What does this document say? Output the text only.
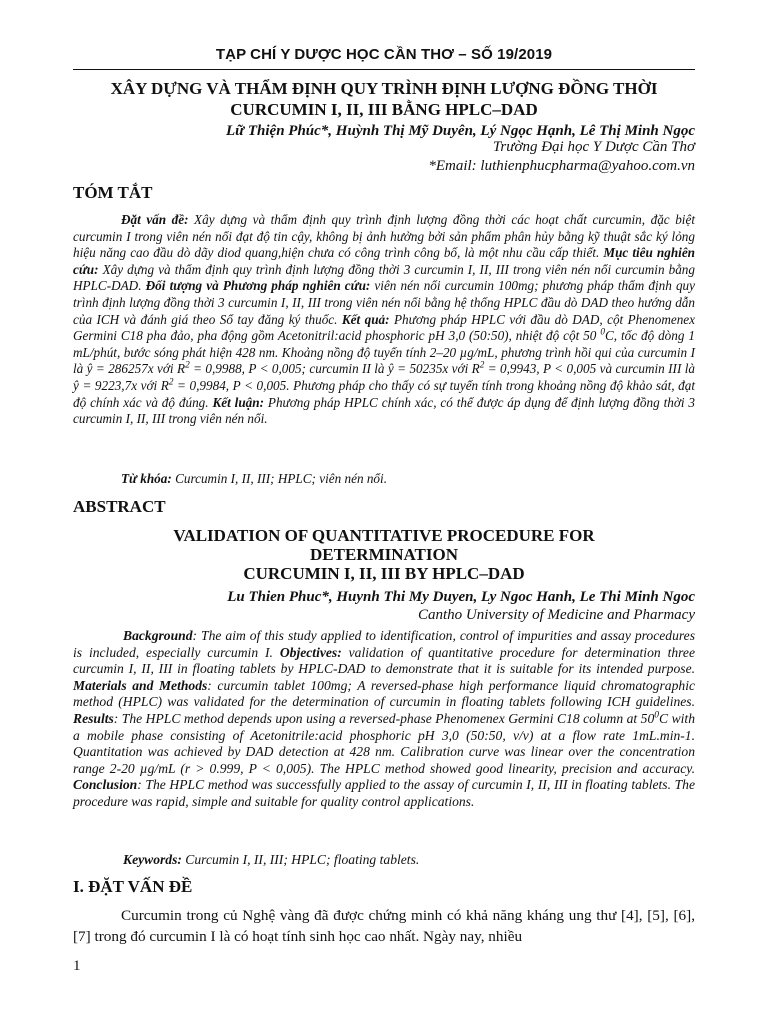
TẠP CHÍ Y DƯỢC HỌC CẦN THƠ – SỐ 19/2019
XÂY DỰNG VÀ THẨM ĐỊNH QUY TRÌNH ĐỊNH LƯỢNG ĐỒNG THỜI
CURCUMIN I, II, III BẰNG HPLC–DAD
Lữ Thiện Phúc*, Huỳnh Thị Mỹ Duyên, Lý Ngọc Hạnh, Lê Thị Minh Ngọc
Trường Đại học Y Dược Cần Thơ
*Email: luthienphucpharma@yahoo.com.vn
TÓM TẮT
Đặt vấn đề: Xây dựng và thẩm định quy trình định lượng đồng thời các hoạt chất curcumin, đặc biệt curcumin I trong viên nén nổi đạt độ tin cậy, không bị ảnh hưởng bởi sản phẩm phân hủy bằng kỹ thuật sắc ký lỏng hiệu năng cao đầu dò dãy diod quang,hiện chưa có công trình công bố, là một nhu cầu cấp thiết. Mục tiêu nghiên cứu: Xây dựng và thẩm định quy trình định lượng đồng thời 3 curcumin I, II, III trong viên nén nổi curcumin bằng HPLC-DAD. Đối tượng và Phương pháp nghiên cứu: viên nén nổi curcumin 100mg; phương pháp thẩm định quy trình định lượng đồng thời 3 curcumin I, II, III trong viên nén nổi bằng hệ thống HPLC đầu dò DAD theo hướng dẫn của ICH và đánh giá theo Sổ tay đăng ký thuốc. Kết quả: Phương pháp HPLC với đầu dò DAD, cột Phenomenex Germini C18 pha đảo, pha động gồm Acetonitril:acid phosphoric pH 3,0 (50:50), nhiệt độ cột 50 $^0$C, tốc độ dòng 1 mL/phút, bước sóng phát hiện 428 nm. Khoảng nồng độ tuyến tính 2–20 µg/mL, phương trình hồi qui của curcumin I là ŷ = 286257x với $R^2 = 0,9988$, P < 0,005; curcumin II là ŷ = 50235x với $R^2 = 0,9943$, P < 0,005 và curcumin III là ŷ = 9223,7x với $R^2 = 0,9984$, P < 0,005. Phương pháp cho thấy có sự tuyến tính trong khoảng nồng độ khảo sát, đạt độ chính xác và độ đúng. Kết luận: Phương pháp HPLC chính xác, có thể được áp dụng để định lượng đồng thời 3 curcumin I, II, III trong viên nén nổi.
Từ khóa: Curcumin I, II, III; HPLC; viên nén nổi.
ABSTRACT
VALIDATION OF QUANTITATIVE PROCEDURE FOR
DETERMINATION
CURCUMIN I, II, III BY HPLC–DAD
Lu Thien Phuc*, Huynh Thi My Duyen, Ly Ngoc Hanh, Le Thi Minh Ngoc
Cantho University of Medicine and Pharmacy
Background: The aim of this study applied to identification, control of impurities and assay procedures is included, especially curcumin I. Objectives: validation of quantitative procedure for determination three curcumin I, II, III in floating tablets by HPLC-DAD to demonstrate that it is suitable for its intended purpose. Materials and Methods: curcumin tablet 100mg; A reversed-phase high performance liquid chromatographic method (HPLC) was validated for the determination of curcumin in floating tablets following ICH guidelines. Results: The HPLC method depends upon using a reversed-phase Phenomenex Germini C18 column at $50^0C$ with a mobile phase consisting of Acetonitrile:acid phosphoric pH 3,0 (50:50, v/v) at a flow rate 1mL.min-1. Quantitation was achieved by DAD detection at 428 nm. Calibration curve was linear over the concentration range 2-20 µg/mL (r > 0.999, P < 0,005). The HPLC method showed good linearity, precision and accuracy. Conclusion: The HPLC method was successfully applied to the assay of curcumin I, II, III in floating tablets. The procedure was rapid, simple and suitable for quality control applications.
Keywords: Curcumin I, II, III; HPLC; floating tablets.
I. ĐẶT VẤN ĐỀ
Curcumin trong củ Nghệ vàng đã được chứng minh có khả năng kháng ung thư [4], [5], [6], [7] trong đó curcumin I là có hoạt tính sinh học cao nhất. Ngày nay, nhiều
1
